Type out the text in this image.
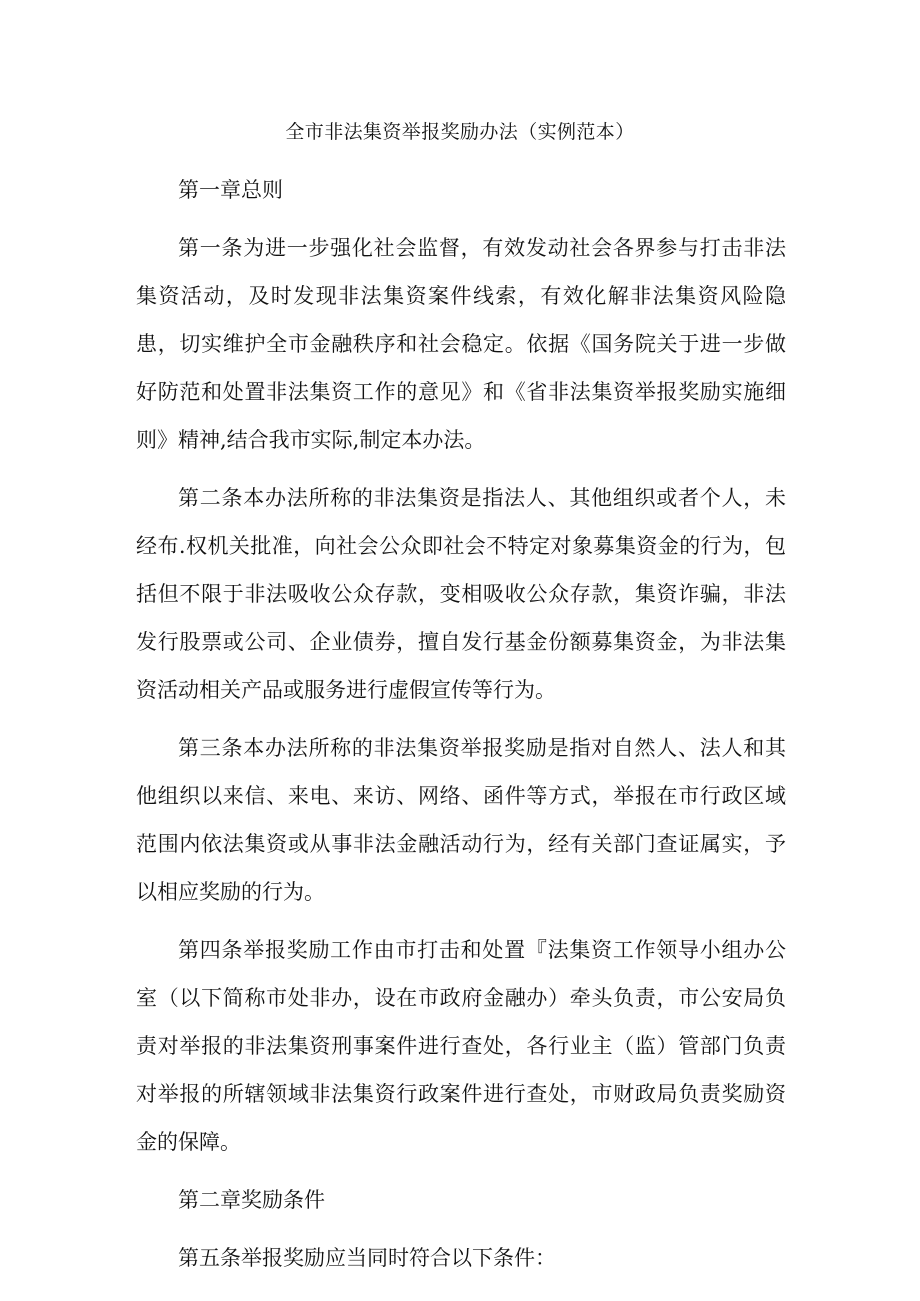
全市非法集资举报奖励办法（实例范本）
第一章总则
第一条为进一步强化社会监督，有效发动社会各界参与打击非法集资活动，及时发现非法集资案件线索，有效化解非法集资风险隐患，切实维护全市金融秩序和社会稳定。依据《国务院关于进一步做好防范和处置非法集资工作的意见》和《省非法集资举报奖励实施细则》精神,结合我市实际,制定本办法。
第二条本办法所称的非法集资是指法人、其他组织或者个人，未经布.权机关批准，向社会公众即社会不特定对象募集资金的行为，包括但不限于非法吸收公众存款，变相吸收公众存款，集资诈骗，非法发行股票或公司、企业债券，擅自发行基金份额募集资金，为非法集资活动相关产品或服务进行虚假宣传等行为。
第三条本办法所称的非法集资举报奖励是指对自然人、法人和其他组织以来信、来电、来访、网络、函件等方式，举报在市行政区域范围内依法集资或从事非法金融活动行为，经有关部门查证属实，予以相应奖励的行为。
第四条举报奖励工作由市打击和处置『法集资工作领导小组办公室（以下简称市处非办，设在市政府金融办）牵头负责，市公安局负责对举报的非法集资刑事案件进行查处，各行业主（监）管部门负责对举报的所辖领域非法集资行政案件进行查处，市财政局负责奖励资金的保障。
第二章奖励条件
第五条举报奖励应当同时符合以下条件：
